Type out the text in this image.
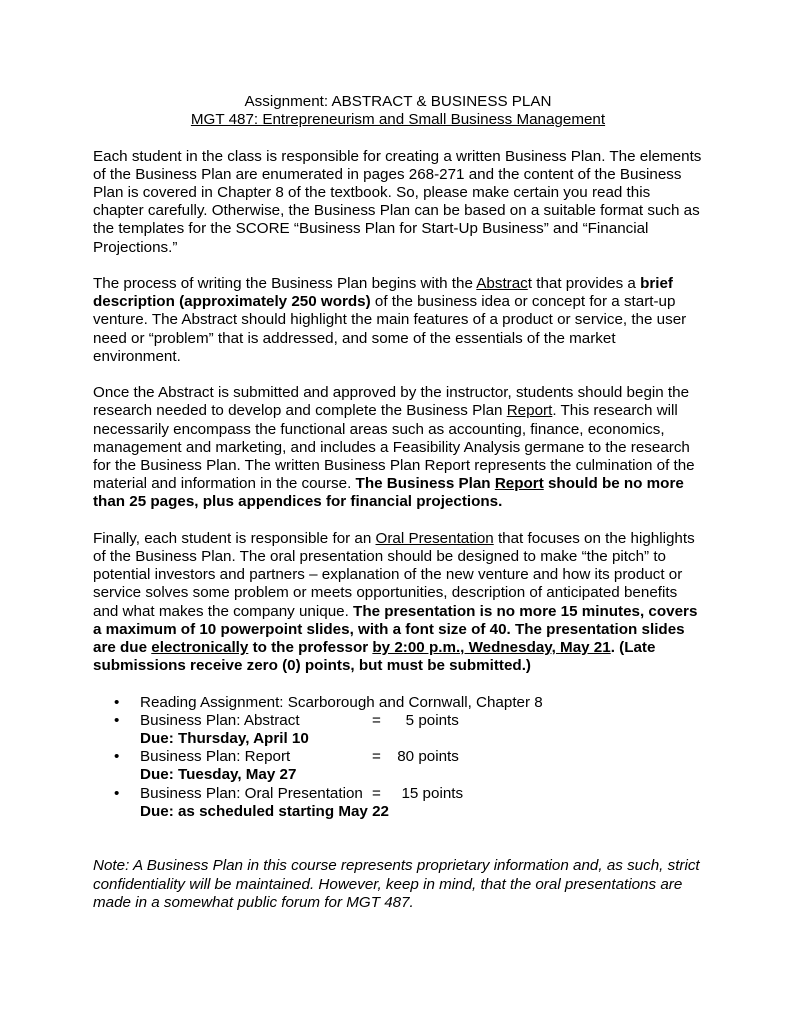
Assignment: ABSTRACT & BUSINESS PLAN

MGT 487: Entrepreneurism and Small Business Management

Each student in the class is responsible for creating a written Business Plan. The elements of the Business Plan are enumerated in pages 268-271 and the content of the Business Plan is covered in Chapter 8 of the textbook. So, please make certain you read this chapter carefully. Otherwise, the Business Plan can be based on a suitable format such as the templates for the SCORE “Business Plan for Start-Up Business” and “Financial Projections.”

The process of writing the Business Plan begins with the Abstract that provides a brief description (approximately 250 words) of the business idea or concept for a start-up venture. The Abstract should highlight the main features of a product or service, the user need or “problem” that is addressed, and some of the essentials of the market environment.

Once the Abstract is submitted and approved by the instructor, students should begin the research needed to develop and complete the Business Plan Report. This research will necessarily encompass the functional areas such as accounting, finance, economics, management and marketing, and includes a Feasibility Analysis germane to the research for the Business Plan. The written Business Plan Report represents the culmination of the material and information in the course. The Business Plan Report should be no more than 25 pages, plus appendices for financial projections.

Finally, each student is responsible for an Oral Presentation that focuses on the highlights of the Business Plan. The oral presentation should be designed to make “the pitch” to potential investors and partners – explanation of the new venture and how its product or service solves some problem or meets opportunities, description of anticipated benefits and what makes the company unique. The presentation is no more 15 minutes, covers a maximum of 10 powerpoint slides, with a font size of 40. The presentation slides are due electronically to the professor by 2:00 p.m., Wednesday, May 21. (Late submissions receive zero (0) points, but must be submitted.)

• Reading Assignment: Scarborough and Cornwall, Chapter 8
• Business Plan: Abstract	= 5 points
Due: Thursday, April 10
• Business Plan: Report	= 80 points
Due: Tuesday, May 27
• Business Plan: Oral Presentation = 15 points
Due: as scheduled starting May 22

Note: A Business Plan in this course represents proprietary information and, as such, strict confidentiality will be maintained. However, keep in mind, that the oral presentations are made in a somewhat public forum for MGT 487.
